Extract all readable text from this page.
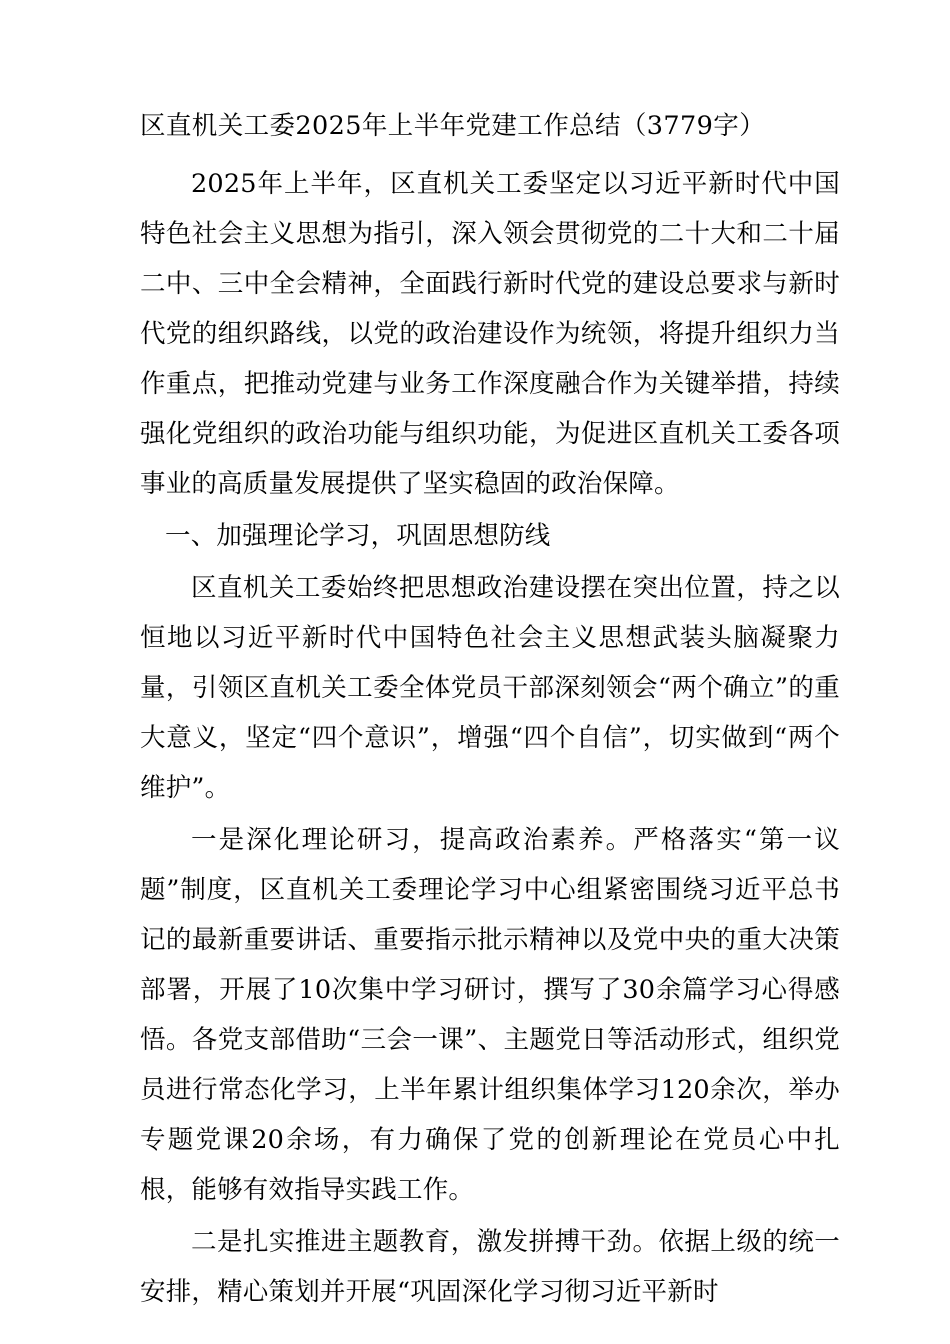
区直机关工委2025年上半年党建工作总结（3779字）

2025年上半年，区直机关工委坚定以习近平新时代中国特色社会主义思想为指引，深入领会贯彻党的二十大和二十届二中、三中全会精神，全面践行新时代党的建设总要求与新时代党的组织路线，以党的政治建设作为统领，将提升组织力当作重点，把推动党建与业务工作深度融合作为关键举措，持续强化党组织的政治功能与组织功能，为促进区直机关工委各项事业的高质量发展提供了坚实稳固的政治保障。

一、加强理论学习，巩固思想防线

区直机关工委始终把思想政治建设摆在突出位置，持之以恒地以习近平新时代中国特色社会主义思想武装头脑凝聚力量，引领区直机关工委全体党员干部深刻领会“两个确立”的重大意义，坚定“四个意识”，增强“四个自信”，切实做到“两个维护”。

一是深化理论研习，提高政治素养。严格落实“第一议题”制度，区直机关工委理论学习中心组紧密围绕习近平总书记的最新重要讲话、重要指示批示精神以及党中央的重大决策部署，开展了10次集中学习研讨，撰写了30余篇学习心得感悟。各党支部借助“三会一课”、主题党日等活动形式，组织党员进行常态化学习，上半年累计组织集体学习120余次，举办专题党课20余场，有力确保了党的创新理论在党员心中扎根，能够有效指导实践工作。

二是扎实推进主题教育，激发拼搏干劲。依据上级的统一安排，精心策划并开展“巩固深化学习彻习近平新时
